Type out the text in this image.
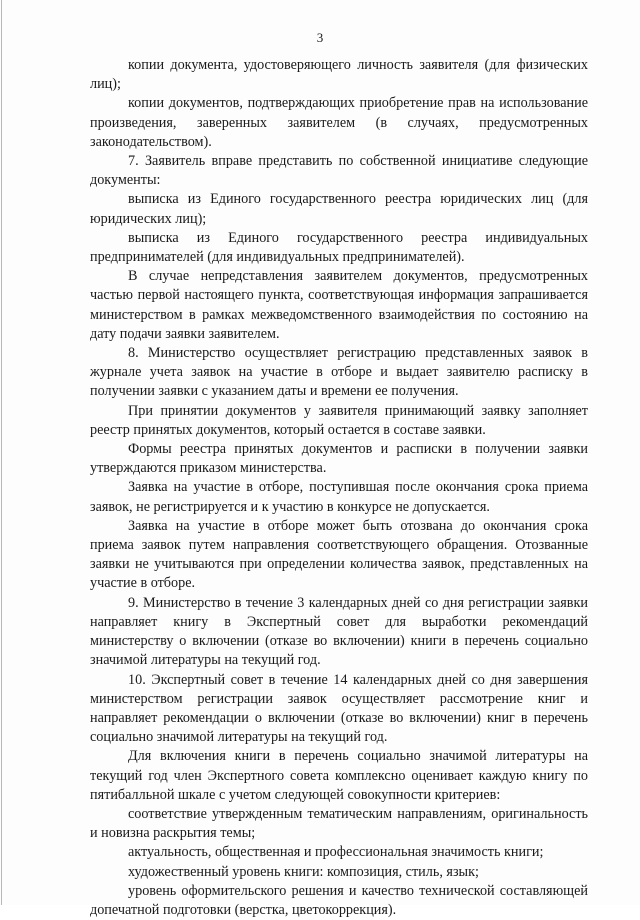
3

копии документа, удостоверяющего личность заявителя (для физических лиц);

копии документов, подтверждающих приобретение прав на использование произведения, заверенных заявителем (в случаях, предусмотренных законодательством).

7. Заявитель вправе представить по собственной инициативе следующие документы:

выписка из Единого государственного реестра юридических лиц (для юридических лиц);

выписка из Единого государственного реестра индивидуальных предпринимателей (для индивидуальных предпринимателей).

В случае непредставления заявителем документов, предусмотренных частью первой настоящего пункта, соответствующая информация запрашивается министерством в рамках межведомственного взаимодействия по состоянию на дату подачи заявки заявителем.

8. Министерство осуществляет регистрацию представленных заявок в журнале учета заявок на участие в отборе и выдает заявителю расписку в получении заявки с указанием даты и времени ее получения.

При принятии документов у заявителя принимающий заявку заполняет реестр принятых документов, который остается в составе заявки.

Формы реестра принятых документов и расписки в получении заявки утверждаются приказом министерства.

Заявка на участие в отборе, поступившая после окончания срока приема заявок, не регистрируется и к участию в конкурсе не допускается.

Заявка на участие в отборе может быть отозвана до окончания срока приема заявок путем направления соответствующего обращения. Отозванные заявки не учитываются при определении количества заявок, представленных на участие в отборе.

9. Министерство в течение 3 календарных дней со дня регистрации заявки направляет книгу в Экспертный совет для выработки рекомендаций министерству о включении (отказе во включении) книги в перечень социально значимой литературы на текущий год.

10. Экспертный совет в течение 14 календарных дней со дня завершения министерством регистрации заявок осуществляет рассмотрение книг и направляет рекомендации о включении (отказе во включении) книг в перечень социально значимой литературы на текущий год.

Для включения книги в перечень социально значимой литературы на текущий год член Экспертного совета комплексно оценивает каждую книгу по пятибалльной шкале с учетом следующей совокупности критериев:

соответствие утвержденным тематическим направлениям, оригинальность и новизна раскрытия темы;

актуальность, общественная и профессиональная значимость книги;

художественный уровень книги: композиция, стиль, язык;

уровень оформительского решения и качество технической составляющей допечатной подготовки (верстка, цветокоррекция).
